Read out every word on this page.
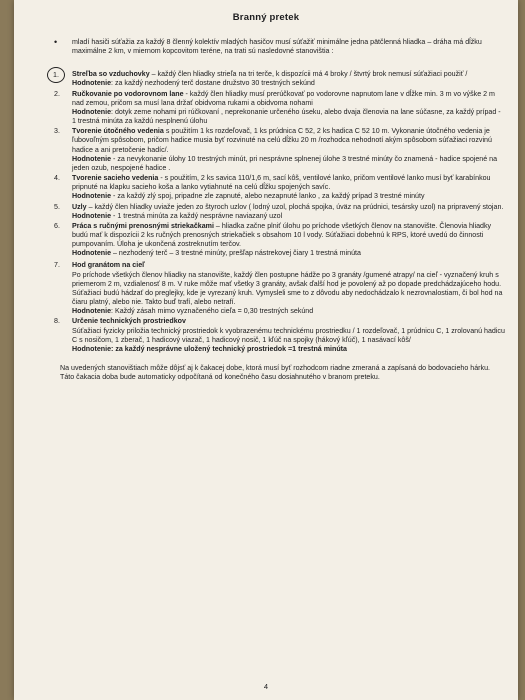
Branný pretek
• mladí hasiči súťažia za každý 8 členný kolektív mladých hasičov musí súťažiť minimálne jedna pätčlenná hliadka – dráha má dĺžku maximálne 2 km, v miernom kopcovitom teréne, na trati sú nasledovné stanovištia :
1.	Streľba so vzduchovky – každý člen hliadky strieľa na tri terče, k dispozícii má 4 broky / štvrtý brok nemusí súťažiaci použiť /

Hodnotenie: za každý nezhodený terč dostane družstvo 30 trestných sekúnd

2. Ručkovanie po vodorovnom lane - každý člen hliadky musí prerúčkovať po vodorovne napnutom lane v dĺžke min. 3 m vo výške 2 m nad zemou, pričom sa musí lana držať obidvoma rukami a obidvoma nohami

Hodnotenie: dotyk zeme nohami pri rúčkovaní , neprekonanie určeného úseku, alebo dvaja členovia na lane súčasne, za každý prípad - 1 trestná minúta za každú nesplnenú úlohu

3. Tvorenie útočného vedenia s použitím 1 ks rozdeľovač, 1 ks prúdnica C 52, 2 ks hadica C 52 10 m. Vykonanie útočného vedenia je ľubovoľným spôsobom, pričom hadice musia byť rozvinuté na celú dĺžku 20 m /rozhodca nehodnotí akým spôsobom súťažiaci rozvinú hadice a ani pretočenie hadíc/.

Hodnotenie - za nevykonanie úlohy 10 trestných minút, pri nesprávne splnenej úlohe 3 trestné minúty čo znamená - hadice spojené na jeden ozub, nespojené hadice .

4. Tvorenie sacieho vedenia - s použitím, 2 ks savica 110/1,6 m, sací kôš, ventilové lanko, pričom ventilové lanko musí byť karabínkou pripnuté na klapku sacieho koša a lanko vytiahnuté na celú dĺžku spojených savíc.

Hodnotenie - za každý zlý spoj, pripadne zle zapnuté, alebo nezapnuté lanko , za každý prípad 3 trestné minúty

5. Uzly – každý člen hliadky uviaže jeden zo štyroch uzlov ( lodný uzol, plochá spojka, úväz na prúdnici, tesársky uzol) na pripravený stojan.

Hodnotenie - 1 trestná minúta za každý nesprávne naviazaný uzol

6. Práca s ručnými prenosnými striekačkami – hliadka začne plniť úlohu po príchode všetkých členov na stanovište. Členovia hliadky budú mať k dispozícii 2 ks ručných prenosných striekačiek s obsahom 10 l vody. Súťažiaci dobehnú k RPS, ktoré uvedú do činnosti pumpovaním. Úloha je ukončená zostreknutím terčov.

Hodnotenie – nezhodený terč – 3 trestné minúty, prešľap nástrekovej čiary 1 trestná minúta

7. Hod granátom na cieľ

Po príchode všetkých členov hliadky na stanovište, každý člen postupne hádže po 3 granáty /gumené atrapy/ na cieľ - vyznačený kruh s priemerom 2 m, vzdialenosť 8 m. V ruke môže mať všetky 3 granáty, avšak ďalší hod je povolený až po dopade predchádzajúceho hodu. Súťažiaci budú hádzať do preglejky, kde je vyrezaný kruh. Vymysleli sme to z dôvodu aby nedochádzalo k nezrovnalostiam, či bol hod na čiaru platný, alebo nie. Takto buď trafí, alebo netrafí.

Hodnotenie: Každý zásah mimo vyznačeného cieľa = 0,30 trestných sekúnd

8. Určenie technických prostriedkov

Súťažiaci fyzicky priložia technický prostriedok k vyobrazenému technickému prostriedku / 1 rozdeľovač, 1 prúdnicu C, 1 zrolovanú hadicu C s nosičom, 1 zberač, 1 hadicový viazač, 1 hadicový nosič, 1 kľúč na spojky (hákový kľúč), 1 nasávací kôš/

Hodnotenie: za každý nesprávne uložený technický prostriedok =1 trestná minúta

Na uvedených stanovištiach môže dôjsť aj k čakacej dobe, ktorá musí byť rozhodcom riadne zmeraná a zapísaná do bodovacieho hárku. Táto čakacia doba bude automaticky odpočítaná od konečného času dosiahnutého v branom preteku.
4
